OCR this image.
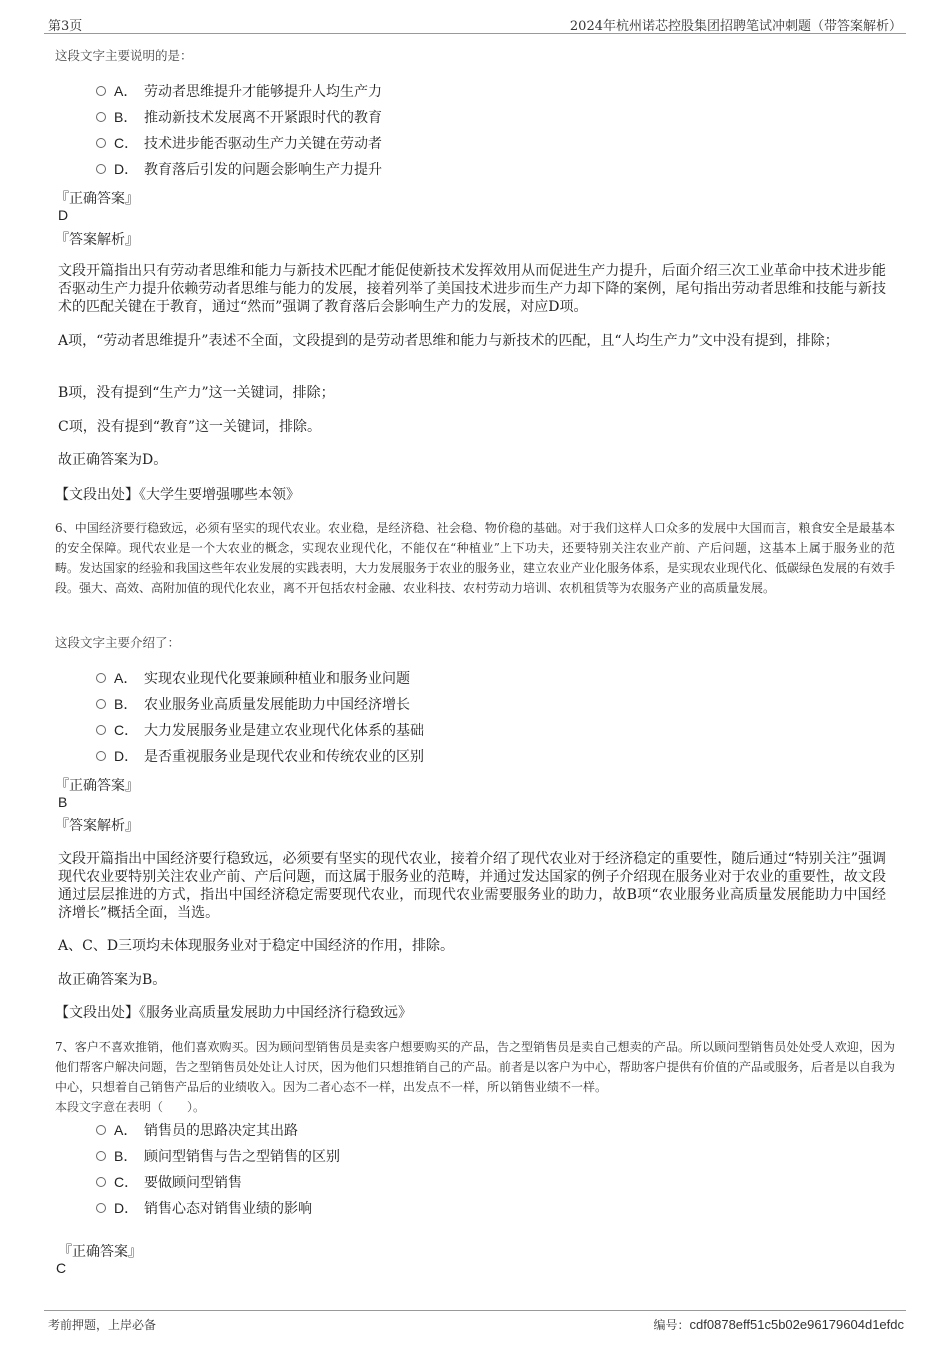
第3页	2024年杭州诺芯控股集团招聘笔试冲刺题（带答案解析）
这段文字主要说明的是：
A． 劳动者思维提升才能够提升人均生产力
B． 推动新技术发展离不开紧跟时代的教育
C． 技术进步能否驱动生产力关键在劳动者
D． 教育落后引发的问题会影响生产力提升
『正确答案』
D
『答案解析』
文段开篇指出只有劳动者思维和能力与新技术匹配才能促使新技术发挥效用从而促进生产力提升，后面介绍三次工业革命中技术进步能否驱动生产力提升依赖劳动者思维与能力的发展，接着列举了美国技术进步而生产力却下降的案例，尾句指出劳动者思维和技能与新技术的匹配关键在于教育，通过“然而”强调了教育落后会影响生产力的发展，对应D项。
A项，“劳动者思维提升”表述不全面，文段提到的是劳动者思维和能力与新技术的匹配，且“人均生产力”文中没有提到，排除；
B项，没有提到“生产力”这一关键词，排除；
C项，没有提到“教育”这一关键词，排除。
故正确答案为D。
【文段出处】《大学生要增强哪些本领》
6、中国经济要行稳致远，必须有坚实的现代农业。农业稳，是经济稳、社会稳、物价稳的基础。对于我们这样人口众多的发展中大国而言，粮食安全是最基本的安全保障。现代农业是一个大农业的概念，实现农业现代化，不能仅在“种植业”上下功夫，还要特别关注农业产前、产后问题，这基本上属于服务业的范畴。发达国家的经验和我国这些年农业发展的实践表明，大力发展服务于农业的服务业，建立农业产业化服务体系，是实现农业现代化、低碳绿色发展的有效手段。强大、高效、高附加值的现代化农业，离不开包括农村金融、农业科技、农村劳动力培训、农机租赁等为农服务产业的高质量发展。
这段文字主要介绍了：
A． 实现农业现代化要兼顾种植业和服务业问题
B． 农业服务业高质量发展能助力中国经济增长
C． 大力发展服务业是建立农业现代化体系的基础
D． 是否重视服务业是现代农业和传统农业的区别
『正确答案』
B
『答案解析』
文段开篇指出中国经济要行稳致远，必须要有坚实的现代农业，接着介绍了现代农业对于经济稳定的重要性，随后通过“特别关注”强调现代农业要特别关注农业产前、产后问题，而这属于服务业的范畴，并通过发达国家的例子介绍现在服务业对于农业的重要性，故文段通过层层推进的方式，指出中国经济稳定需要现代农业，而现代农业需要服务业的助力，故B项“农业服务业高质量发展能助力中国经济增长”概括全面，当选。
A、C、D三项均未体现服务业对于稳定中国经济的作用，排除。
故正确答案为B。
【文段出处】《服务业高质量发展助力中国经济行稳致远》
7、客户不喜欢推销，他们喜欢购买。因为顾问型销售员是卖客户想要购买的产品，告之型销售员是卖自己想卖的产品。所以顾问型销售员处处受人欢迎，因为他们帮客户解决问题，告之型销售员处处让人讨厌，因为他们只想推销自己的产品。前者是以客户为中心，帮助客户提供有价值的产品或服务，后者是以自我为中心，只想着自己销售产品后的业绩收入。因为二者心态不一样，出发点不一样，所以销售业绩不一样。
本段文字意在表明（　　）。
A． 销售员的思路决定其出路
B． 顾问型销售与告之型销售的区别
C． 要做顾问型销售
D． 销售心态对销售业绩的影响
『正确答案』
C
考前押题，上岸必备	编号：cdf0878eff51c5b02e96179604d1efdc
